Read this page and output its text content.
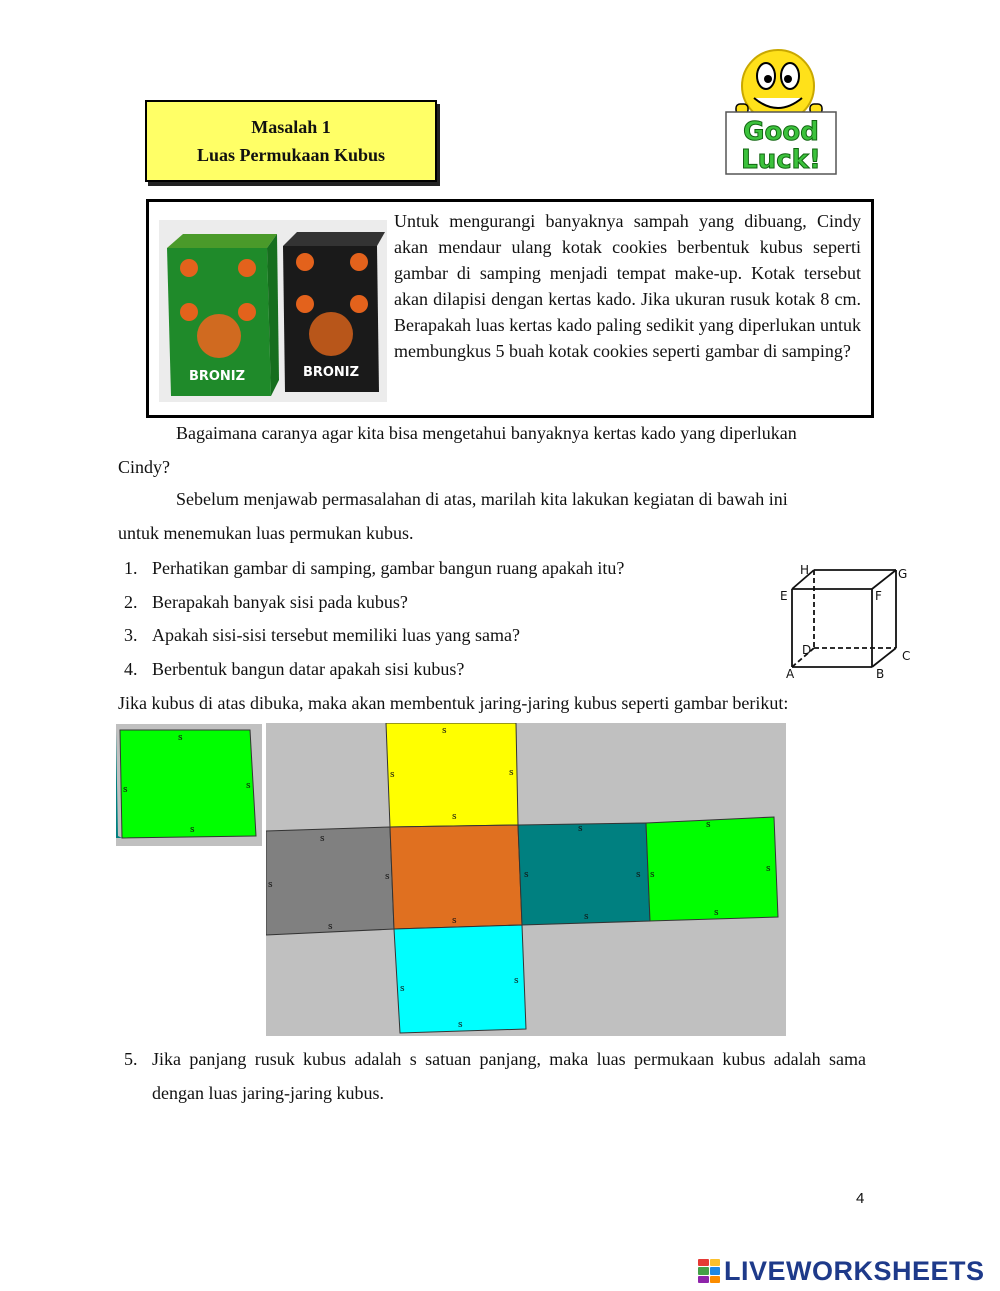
Masalah 1
Luas Permukaan Kubus
Good
Luck!
BRONIZ	BRONIZ
Untuk mengurangi banyaknya sampah yang dibuang, Cindy akan mendaur ulang kotak cookies berbentuk kubus seperti gambar di samping menjadi tempat make-up. Kotak tersebut akan dilapisi dengan kertas kado. Jika ukuran rusuk kotak 8 cm. Berapakah luas kertas kado paling sedikit yang diperlukan untuk membungkus 5 buah kotak cookies seperti gambar di samping?
Bagaimana caranya agar kita bisa mengetahui banyaknya kertas kado yang diperlukan
Cindy?
Sebelum menjawab permasalahan di atas, marilah kita lakukan kegiatan di bawah ini
untuk menemukan luas permukan kubus.
1. Perhatikan gambar di samping, gambar bangun ruang apakah itu?
2. Berapakah banyak sisi pada kubus?
3. Apakah sisi-sisi tersebut memiliki luas yang sama?
4. Berbentuk bangun datar apakah sisi kubus?
H	G
E	F
D	C
A	B
Jika kubus di atas dibuka, maka akan membentuk jaring-jaring kubus seperti gambar berikut:
s
s	s
s
s
s	s
s
s
s
s
s
s
s
s	s
s
s
s
s
s
s
s
s
5. Jika panjang rusuk kubus adalah s satuan panjang, maka luas permukaan kubus adalah sama dengan luas jaring-jaring kubus.
4
LIVEWORKSHEETS
